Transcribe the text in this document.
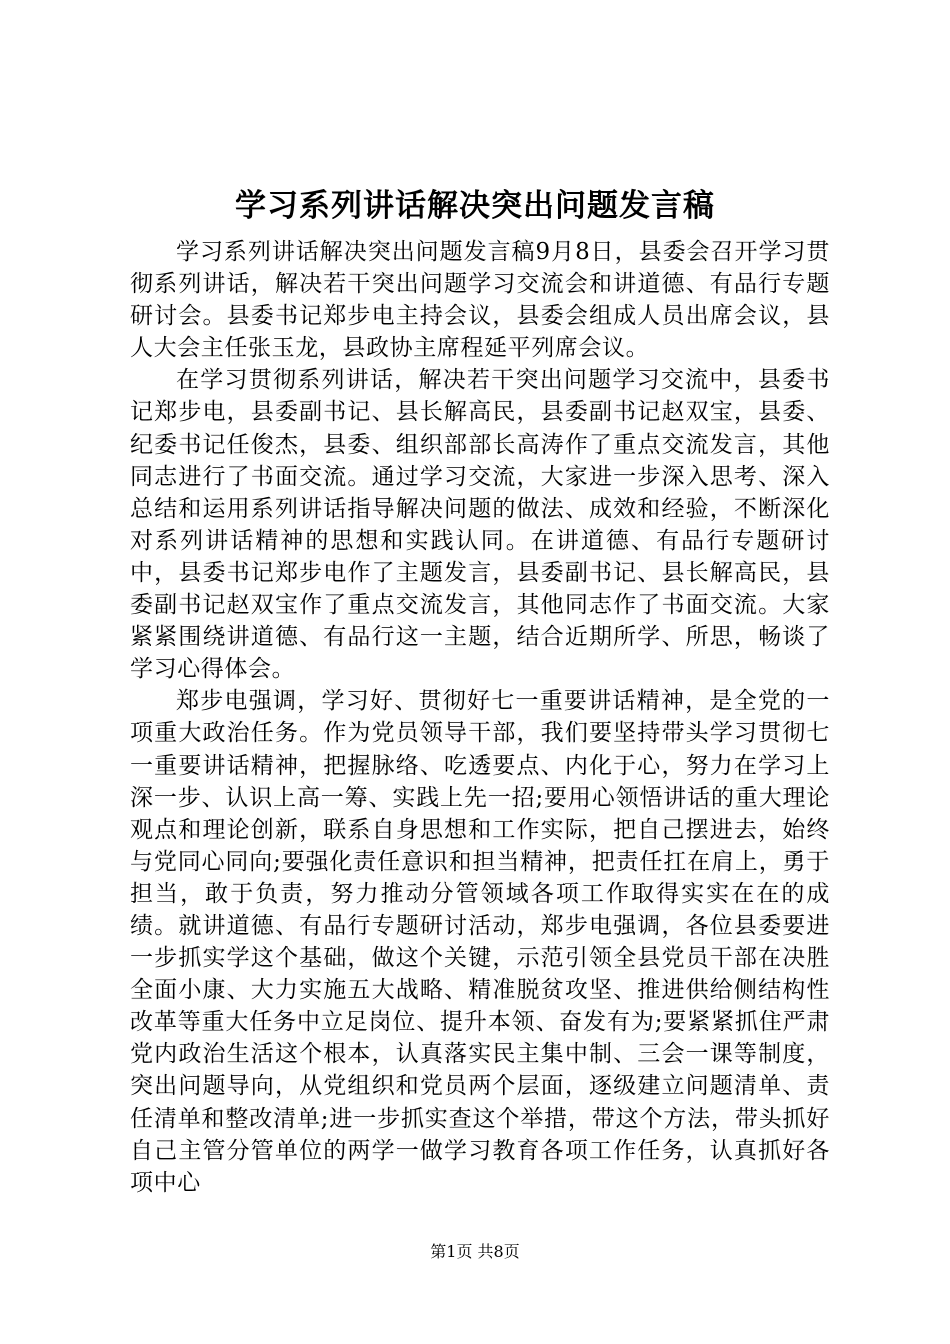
学习系列讲话解决突出问题发言稿

学习系列讲话解决突出问题发言稿9月8日，县委会召开学习贯彻系列讲话，解决若干突出问题学习交流会和讲道德、有品行专题研讨会。县委书记郑步电主持会议，县委会组成人员出席会议，县人大会主任张玉龙，县政协主席程延平列席会议。

在学习贯彻系列讲话，解决若干突出问题学习交流中，县委书记郑步电，县委副书记、县长解高民，县委副书记赵双宝，县委、纪委书记任俊杰，县委、组织部部长高涛作了重点交流发言，其他同志进行了书面交流。通过学习交流，大家进一步深入思考、深入总结和运用系列讲话指导解决问题的做法、成效和经验，不断深化对系列讲话精神的思想和实践认同。在讲道德、有品行专题研讨中，县委书记郑步电作了主题发言，县委副书记、县长解高民，县委副书记赵双宝作了重点交流发言，其他同志作了书面交流。大家紧紧围绕讲道德、有品行这一主题，结合近期所学、所思，畅谈了学习心得体会。

郑步电强调，学习好、贯彻好七一重要讲话精神，是全党的一项重大政治任务。作为党员领导干部，我们要坚持带头学习贯彻七一重要讲话精神，把握脉络、吃透要点、内化于心，努力在学习上深一步、认识上高一筹、实践上先一招;要用心领悟讲话的重大理论观点和理论创新，联系自身思想和工作实际，把自己摆进去，始终与党同心同向;要强化责任意识和担当精神，把责任扛在肩上，勇于担当，敢于负责，努力推动分管领域各项工作取得实实在在的成绩。就讲道德、有品行专题研讨活动，郑步电强调，各位县委要进一步抓实学这个基础，做这个关键，示范引领全县党员干部在决胜全面小康、大力实施五大战略、精准脱贫攻坚、推进供给侧结构性改革等重大任务中立足岗位、提升本领、奋发有为;要紧紧抓住严肃党内政治生活这个根本，认真落实民主集中制、三会一课等制度，突出问题导向，从党组织和党员两个层面，逐级建立问题清单、责任清单和整改清单;进一步抓实查这个举措，带这个方法，带头抓好自己主管分管单位的两学一做学习教育各项工作任务，认真抓好各项中心

第1页 共8页
